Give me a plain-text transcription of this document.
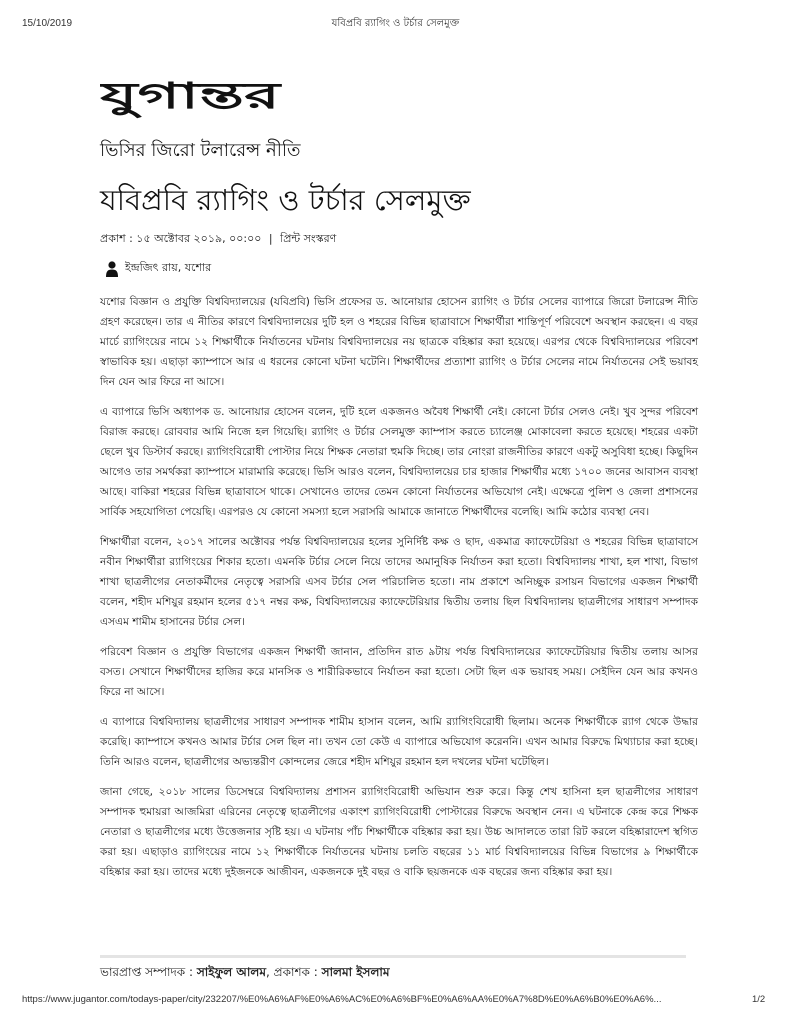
15/10/2019	যবিপ্রবি র‌্যাগিং ও টর্চার সেলমুক্ত
যুগান্তর
ভিসির জিরো টলারেন্স নীতি
যবিপ্রবি র‌্যাগিং ও টর্চার সেলমুক্ত
প্রকাশ : ১৫ অক্টোবর ২০১৯, ০০:০০ | প্রিন্ট সংস্করণ
ইন্দ্রজিৎ রায়, যশোর

যশোর বিজ্ঞান ও প্রযুক্তি বিশ্ববিদ্যালয়ের (যবিপ্রবি) ভিসি প্রফেসর ড. আনোয়ার হোসেন র‌্যাগিং ও টর্চার সেলের ব্যাপারে জিরো টলারেন্স নীতি গ্রহণ করেছেন। তার এ নীতির কারণে বিশ্ববিদ্যালয়ের দুটি হল ও শহরের বিভিন্ন ছাত্রাবাসে শিক্ষার্থীরা শান্তিপূর্ণ পরিবেশে অবস্থান করছেন। এ বছর মার্চে র‌্যাগিংয়ের নামে ১২ শিক্ষার্থীকে নির্যাতনের ঘটনায় বিশ্ববিদ্যালয়ের নয় ছাত্রকে বহিষ্কার করা হয়েছে। এরপর থেকে বিশ্ববিদ্যালয়ের পরিবেশ স্বাভাবিক হয়। এছাড়া ক্যাম্পাসে আর এ ধরনের কোনো ঘটনা ঘটেনি। শিক্ষার্থীদের প্রত্যাশা র‌্যাগিং ও টর্চার সেলের নামে নির্যাতনের সেই ভয়াবহ দিন যেন আর ফিরে না আসে।

এ ব্যাপারে ভিসি অধ্যাপক ড. আনোয়ার হোসেন বলেন, দুটি হলে একজনও অবৈধ শিক্ষার্থী নেই। কোনো টর্চার সেলও নেই। খুব সুন্দর পরিবেশ বিরাজ করছে। রোববার আমি নিজে হল গিয়েছি। র‌্যাগিং ও টর্চার সেলমুক্ত ক্যাম্পাস করতে চ্যালেঞ্জ মোকাবেলা করতে হয়েছে। শহরের একটা ছেলে খুব ডিস্টার্ব করছে। র‌্যাগিংবিরোধী পোস্টার নিয়ে শিক্ষক নেতারা হুমকি দিচ্ছে। তার নোংরা রাজনীতির কারণে একটু অসুবিধা হচ্ছে। কিছুদিন আগেও তার সমর্থকরা ক্যাম্পাসে মারামারি করেছে। ভিসি আরও বলেন, বিশ্ববিদ্যালয়ের চার হাজার শিক্ষার্থীর মধ্যে ১৭০০ জনের আবাসন ব্যবস্থা আছে। বাকিরা শহরের বিভিন্ন ছাত্রাবাসে থাকে। সেখানেও তাদের তেমন কোনো নির্যাতনের অভিযোগ নেই। এক্ষেত্রে পুলিশ ও জেলা প্রশাসনের সার্বিক সহযোগিতা পেয়েছি। এরপরও যে কোনো সমস্যা হলে সরাসরি আমাকে জানাতে শিক্ষার্থীদের বলেছি। আমি কঠোর ব্যবস্থা নেব।

শিক্ষার্থীরা বলেন, ২০১৭ সালের অক্টোবর পর্যন্ত বিশ্ববিদ্যালয়ের হলের সুনির্দিষ্ট কক্ষ ও ছাদ, একমাত্র ক্যাফেটেরিয়া ও শহরের বিভিন্ন ছাত্রাবাসে নবীন শিক্ষার্থীরা র‌্যাগিংয়ের শিকার হতো। এমনকি টর্চার সেলে নিয়ে তাদের অমানুষিক নির্যাতন করা হতো। বিশ্ববিদ্যালয় শাখা, হল শাখা, বিভাগ শাখা ছাত্রলীগের নেতাকর্মীদের নেতৃত্বে সরাসরি এসব টর্চার সেল পরিচালিত হতো। নাম প্রকাশে অনিচ্ছুক রসায়ন বিভাগের একজন শিক্ষার্থী বলেন, শহীদ মশিয়ুর রহমান হলের ৫১৭ নম্বর কক্ষ, বিশ্ববিদ্যালয়ের ক্যাফেটেরিয়ার দ্বিতীয় তলায় ছিল বিশ্ববিদ্যালয় ছাত্রলীগের সাধারণ সম্পাদক এসএম শামীম হাসানের টর্চার সেল।

পরিবেশ বিজ্ঞান ও প্রযুক্তি বিভাগের একজন শিক্ষার্থী জানান, প্রতিদিন রাত ৯টায় পর্যন্ত বিশ্ববিদ্যালয়ের ক্যাফেটেরিয়ার দ্বিতীয় তলায় আসর বসত। সেখানে শিক্ষার্থীদের হাজির করে মানসিক ও শারীরিকভাবে নির্যাতন করা হতো। সেটা ছিল এক ভয়াবহ সময়। সেইদিন যেন আর কখনও ফিরে না আসে।

এ ব্যাপারে বিশ্ববিদ্যালয় ছাত্রলীগের সাধারণ সম্পাদক শামীম হাসান বলেন, আমি র‌্যাগিংবিরোধী ছিলাম। অনেক শিক্ষার্থীকে র‌্যাগ থেকে উদ্ধার করেছি। ক্যাম্পাসে কখনও আমার টর্চার সেল ছিল না। তখন তো কেউ এ ব্যাপারে অভিযোগ করেননি। এখন আমার বিরুদ্ধে মিথ্যাচার করা হচ্ছে। তিনি আরও বলেন, ছাত্রলীগের অভ্যন্তরীণ কোন্দলের জেরে শহীদ মশিয়ুর রহমান হল দখলের ঘটনা ঘটেছিল।

জানা গেছে, ২০১৮ সালের ডিসেম্বরে বিশ্ববিদ্যালয় প্রশাসন র‌্যাগিংবিরোধী অভিযান শুরু করে। কিন্তু শেখ হাসিনা হল ছাত্রলীগের সাধারণ সম্পাদক হুমায়রা আজমিরা এরিনের নেতৃত্বে ছাত্রলীগের একাংশ র‌্যাগিংবিরোধী পোস্টারের বিরুদ্ধে অবস্থান নেন। এ ঘটনাকে কেন্দ্র করে শিক্ষক নেতারা ও ছাত্রলীগের মধ্যে উত্তেজনার সৃষ্টি হয়। এ ঘটনায় পাঁচ শিক্ষার্থীকে বহিষ্কার করা হয়। উচ্চ আদালতে তারা রিট করলে বহিষ্কারাদেশ স্থগিত করা হয়। এছাড়াও র‌্যাগিংয়ের নামে ১২ শিক্ষার্থীকে নির্যাতনের ঘটনায় চলতি বছরের ১১ মার্চ বিশ্ববিদ্যালয়ের বিভিন্ন বিভাগের ৯ শিক্ষার্থীকে বহিষ্কার করা হয়। তাদের মধ্যে দুইজনকে আজীবন, একজনকে দুই বছর ও বাকি ছয়জনকে এক বছরের জন্য বহিষ্কার করা হয়।

ভারপ্রাপ্ত সম্পাদক : সাইফুল আলম, প্রকাশক : সালমা ইসলাম
https://www.jugantor.com/todays-paper/city/232207/%E0%A6%AF%E0%A6%AC%E0%A6%BF%E0%A6%AA%E0%A7%8D%E0%A6%B0%E0%A6%...	1/2
